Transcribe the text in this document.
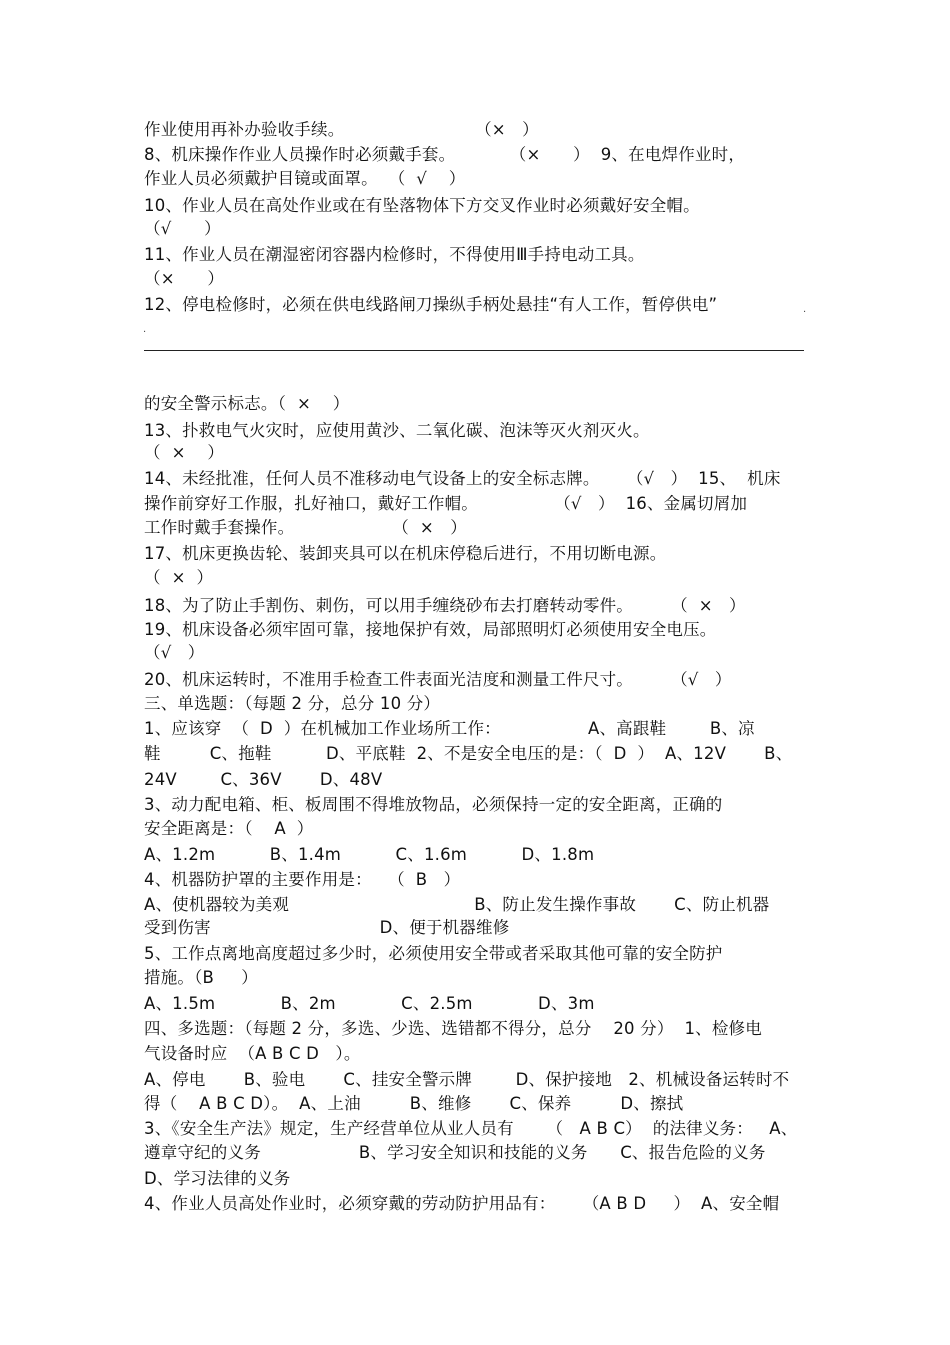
作业使用再补办验收手续。                        （×   ）
8、机床操作作业人员操作时必须戴手套。          （×      ）  9、在电焊作业时，
作业人员必须戴护目镜或面罩。  （  √    ）
10、作业人员在高处作业或在有坠落物体下方交叉作业时必须戴好安全帽。
（√      ）
11、作业人员在潮湿密闭容器内检修时，不得使用Ⅲ手持电动工具。
（×      ）
12、停电检修时，必须在供电线路闸刀操纵手柄处悬挂“有人工作，暂停供电”
.
.
的安全警示标志。（  ×    ）
13、扑救电气火灾时，应使用黄沙、二氧化碳、泡沫等灭火剂灭火。
（  ×    ）
14、未经批准，任何人员不准移动电气设备上的安全标志牌。     （√   ）  15、  机床
操作前穿好工作服，扎好袖口，戴好工作帽。              （√   ）  16、金属切屑加
工作时戴手套操作。                  （  ×   ）
17、机床更换齿轮、装卸夹具可以在机床停稳后进行，不用切断电源。
（  ×  ）
18、为了防止手割伤、刺伤，可以用手缠绕砂布去打磨转动零件。       （  ×   ）
19、机床设备必须牢固可靠，接地保护有效，局部照明灯必须使用安全电压。
（√   ）
20、机床运转时，不准用手检查工件表面光洁度和测量工件尺寸。       （√   ）
三、单选题：（每题 2 分，总分 10 分）
1、应该穿  （  D  ）在机械加工作业场所工作：                A、高跟鞋        B、凉
鞋         C、拖鞋          D、平底鞋  2、不是安全电压的是：（  D  ）  A、12V       B、
24V        C、36V       D、48V
3、动力配电箱、柜、板周围不得堆放物品，必须保持一定的安全距离，正确的
安全距离是：（    A  ）
A、1.2m          B、1.4m          C、1.6m          D、1.8m
4、机器防护罩的主要作用是：   （  B   ）
A、使机器较为美观                                  B、防止发生操作事故       C、防止机器
受到伤害                               D、便于机器维修
5、工作点离地高度超过多少时，必须使用安全带或者采取其他可靠的安全防护
措施。（B     ）
A、1.5m            B、2m            C、2.5m            D、3m
四、多选题：（每题 2 分，多选、少选、选错都不得分，总分    20 分）  1、检修电
气设备时应  （A B C D   ）。
A、停电       B、验电       C、挂安全警示牌        D、保护接地   2、机械设备运转时不
得（    A B C D）。  A、上油         B、维修       C、保养         D、擦拭
3、《安全生产法》规定，生产经营单位从业人员有      （   A B C）  的法律义务：   A、
遵章守纪的义务                  B、学习安全知识和技能的义务      C、报告危险的义务
D、学习法律的义务
4、作业人员高处作业时，必须穿戴的劳动防护用品有：     （A B D     ）  A、安全帽
